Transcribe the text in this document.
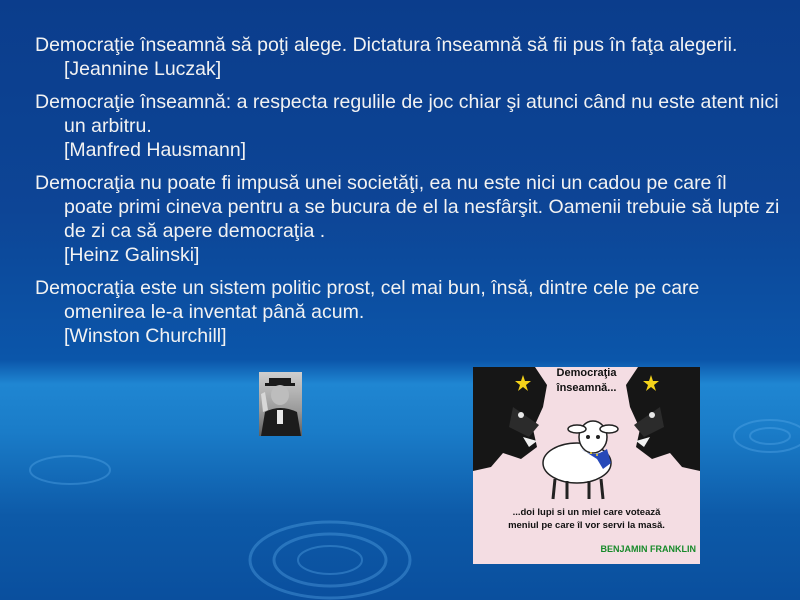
Democraţie înseamnă să poţi alege. Dictatura înseamnă să fii pus în faţa alegerii.
[Jeannine Luczak]
Democraţie înseamnă: a respecta regulile de joc chiar şi atunci când nu este atent nici un arbitru.
[Manfred Hausmann]
Democraţia nu poate fi impusă unei societăţi, ea nu este nici un cadou pe care îl poate primi cineva pentru a se bucura de el la nesfârşit. Oamenii trebuie să lupte zi de zi ca să apere democraţia .
[Heinz Galinski]
Democraţia este un sistem politic prost, cel mai bun, însă, dintre cele pe care omenirea le-a inventat până acum.
[Winston Churchill]
Democraţia
înseamnă...
...doi lupi si un miel care votează
meniul pe care îl vor servi la masă.
BENJAMIN FRANKLIN
